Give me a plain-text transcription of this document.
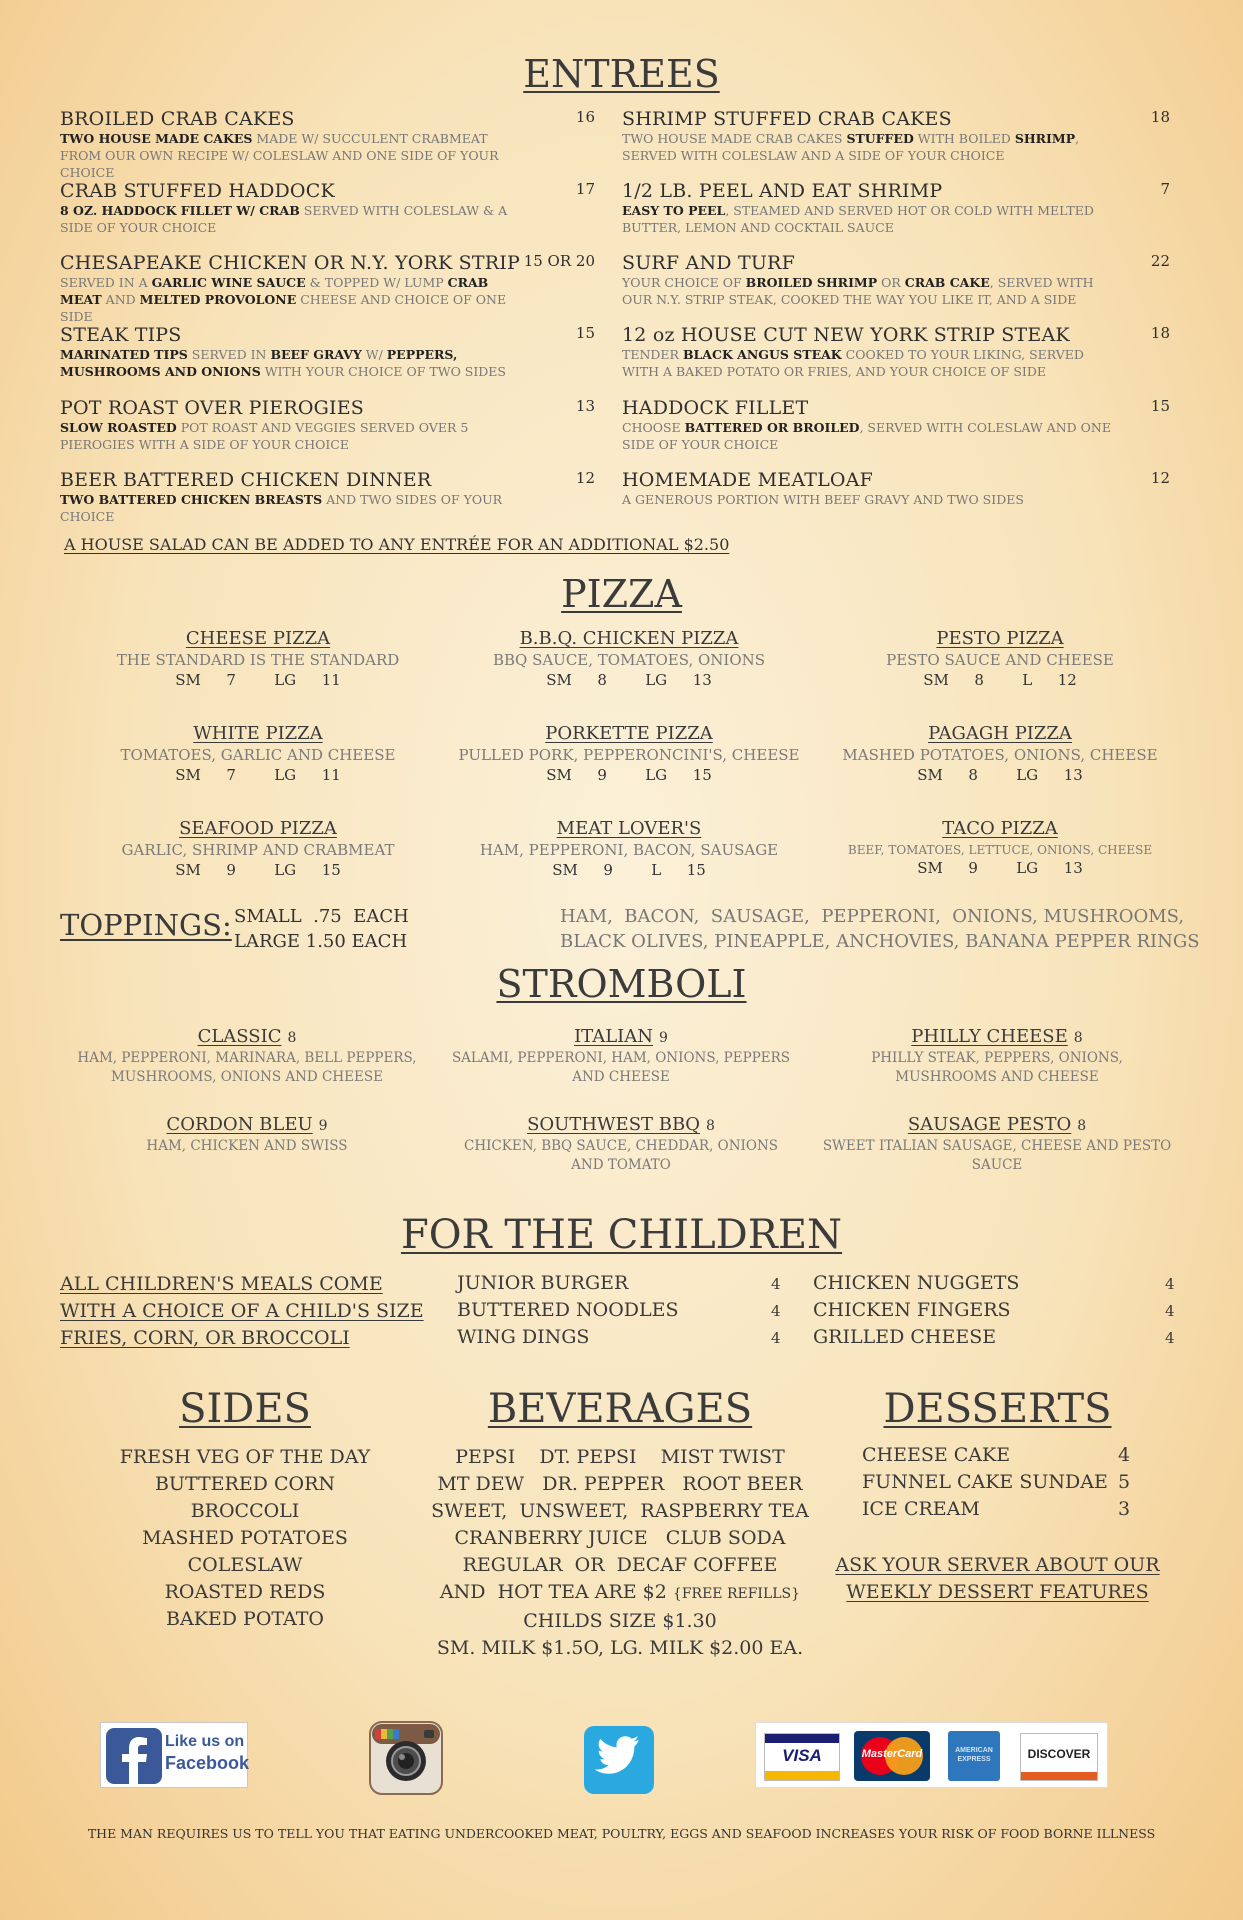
ENTREES
BROILED CRAB CAKES	16
TWO HOUSE MADE CAKES MADE W/ SUCCULENT CRABMEAT FROM OUR OWN RECIPE W/ COLESLAW AND ONE SIDE OF YOUR CHOICE
SHRIMP STUFFED CRAB CAKES	18
TWO HOUSE MADE CRAB CAKES STUFFED WITH BOILED SHRIMP, SERVED WITH COLESLAW AND A SIDE OF YOUR CHOICE
CRAB STUFFED HADDOCK	17
8 OZ. HADDOCK FILLET W/ CRAB SERVED WITH COLESLAW & A SIDE OF YOUR CHOICE
1/2 LB. PEEL AND EAT SHRIMP	7
EASY TO PEEL, STEAMED AND SERVED HOT OR COLD WITH MELTED BUTTER, LEMON AND COCKTAIL SAUCE
CHESAPEAKE CHICKEN OR N.Y. YORK STRIP 15 OR 20
SERVED IN A GARLIC WINE SAUCE & TOPPED W/ LUMP CRAB MEAT AND MELTED PROVOLONE CHEESE AND CHOICE OF ONE SIDE
SURF AND TURF	22
YOUR CHOICE OF BROILED SHRIMP OR CRAB CAKE, SERVED WITH OUR N.Y. STRIP STEAK, COOKED THE WAY YOU LIKE IT, AND A SIDE
STEAK TIPS	15
MARINATED TIPS SERVED IN BEEF GRAVY W/ PEPPERS, MUSHROOMS AND ONIONS WITH YOUR CHOICE OF TWO SIDES
12 oz HOUSE CUT NEW YORK STRIP STEAK	18
TENDER BLACK ANGUS STEAK COOKED TO YOUR LIKING, SERVED WITH A BAKED POTATO OR FRIES, AND YOUR CHOICE OF SIDE
POT ROAST OVER PIEROGIES	13
SLOW ROASTED POT ROAST AND VEGGIES SERVED OVER 5 PIEROGIES WITH A SIDE OF YOUR CHOICE
HADDOCK FILLET	15
CHOOSE BATTERED OR BROILED, SERVED WITH COLESLAW AND ONE SIDE OF YOUR CHOICE
BEER BATTERED CHICKEN DINNER	12
TWO BATTERED CHICKEN BREASTS AND TWO SIDES OF YOUR CHOICE
HOMEMADE MEATLOAF	12
A GENEROUS PORTION WITH BEEF GRAVY AND TWO SIDES
A HOUSE SALAD CAN BE ADDED TO ANY ENTRÉE FOR AN ADDITIONAL $2.50
PIZZA
CHEESE PIZZA
THE STANDARD IS THE STANDARD
SM  7   LG  11
B.B.Q. CHICKEN PIZZA
BBQ SAUCE, TOMATOES, ONIONS
SM  8   LG  13
PESTO PIZZA
PESTO SAUCE AND CHEESE
SM  8   L  12
WHITE PIZZA
TOMATOES, GARLIC AND CHEESE
SM  7   LG  11
PORKETTE PIZZA
PULLED PORK, PEPPERONCINI'S, CHEESE
SM  9   LG  15
PAGAGH PIZZA
MASHED POTATOES, ONIONS, CHEESE
SM  8   LG  13
SEAFOOD PIZZA
GARLIC, SHRIMP AND CRABMEAT
SM  9   LG  15
MEAT LOVER'S
HAM, PEPPERONI, BACON, SAUSAGE
SM  9   L  15
TACO PIZZA
BEEF, TOMATOES, LETTUCE, ONIONS, CHEESE
SM  9   LG  13
TOPPINGS: SMALL  .75  EACH
LARGE 1.50 EACH
HAM,  BACON,  SAUSAGE,  PEPPERONI,  ONIONS, MUSHROOMS,
BLACK OLIVES, PINEAPPLE, ANCHOVIES, BANANA PEPPER RINGS
STROMBOLI
CLASSIC 8
HAM, PEPPERONI, MARINARA, BELL PEPPERS, MUSHROOMS, ONIONS AND CHEESE
ITALIAN 9
SALAMI, PEPPERONI, HAM, ONIONS, PEPPERS AND CHEESE
PHILLY CHEESE 8
PHILLY STEAK, PEPPERS, ONIONS, MUSHROOMS AND CHEESE
CORDON BLEU 9
HAM, CHICKEN AND SWISS
SOUTHWEST BBQ 8
CHICKEN, BBQ SAUCE, CHEDDAR, ONIONS AND TOMATO
SAUSAGE PESTO 8
SWEET ITALIAN SAUSAGE, CHEESE AND PESTO SAUCE
FOR THE CHILDREN
ALL CHILDREN'S MEALS COME
WITH A CHOICE OF A CHILD'S SIZE
FRIES, CORN, OR BROCCOLI
JUNIOR BURGER	4
BUTTERED NOODLES	4
WING DINGS	4
CHICKEN NUGGETS	4
CHICKEN FINGERS	4
GRILLED CHEESE	4
SIDES
FRESH VEG OF THE DAY
BUTTERED CORN
BROCCOLI
MASHED POTATOES
COLESLAW
ROASTED REDS
BAKED POTATO
BEVERAGES
PEPSI    DT. PEPSI    MIST TWIST
MT DEW   DR. PEPPER   ROOT BEER
SWEET,  UNSWEET,  RASPBERRY TEA
CRANBERRY JUICE   CLUB SODA
REGULAR  OR  DECAF COFFEE
AND  HOT TEA ARE $2 {FREE REFILLS}
CHILDS SIZE $1.30
SM. MILK $1.5O, LG. MILK $2.00 EA.
DESSERTS
CHEESE CAKE	4
FUNNEL CAKE SUNDAE 5
ICE CREAM	3
ASK YOUR SERVER ABOUT OUR
WEEKLY DESSERT FEATURES
Like us on
Facebook	VISA	MasterCard	AMERICAN EXPRESS	DISCOVER
THE MAN REQUIRES US TO TELL YOU THAT EATING UNDERCOOKED MEAT, POULTRY, EGGS AND SEAFOOD INCREASES YOUR RISK OF FOOD BORNE ILLNESS
